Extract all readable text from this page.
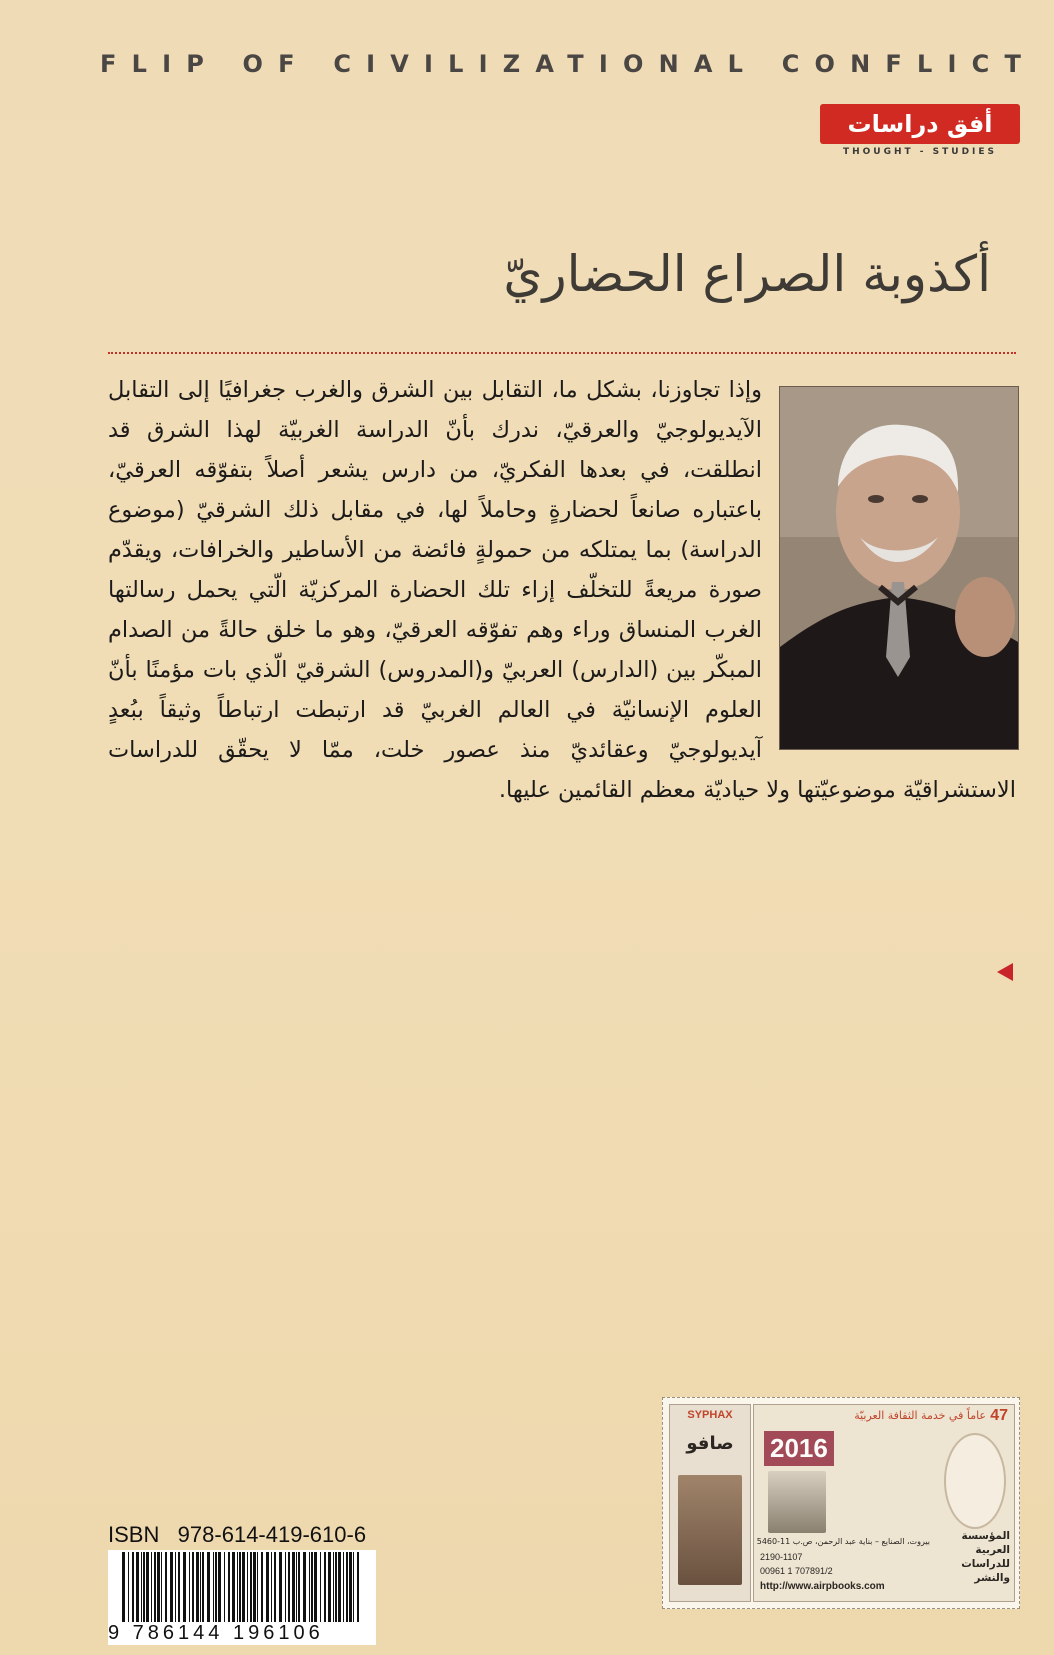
FLIP OF CIVILIZATIONAL CONFLICT
أفق دراسات
THOUGHT - STUDIES
أكذوبة الصراع الحضاريّ
وإذا تجاوزنا، بشكل ما، التقابل بين الشرق والغرب جغرافيًا إلى التقابل الآيديولوجيّ والعرقيّ، ندرك بأنّ الدراسة الغربيّة لهذا الشرق قد انطلقت، في بعدها الفكريّ، من دارس يشعر أصلاً بتفوّقه العرقيّ، باعتباره صانعاً لحضارةٍ وحاملاً لها، في مقابل ذلك الشرقيّ (موضوع الدراسة) بما يمتلكه من حمولةٍ فائضة من الأساطير والخرافات، ويقدّم صورة مريعةً للتخلّف إزاء تلك الحضارة المركزيّة الّتي يحمل رسالتها الغرب المنساق وراء وهم تفوّقه العرقيّ، وهو ما خلق حالةً من الصدام المبكّر بين (الدارس) العربيّ و(المدروس) الشرقيّ الّذي بات مؤمنًا بأنّ العلوم الإنسانيّة في العالم الغربيّ قد ارتبطت ارتباطاً وثيقاً ببُعدٍ آيديولوجيّ وعقائديّ منذ عصور خلت، ممّا لا يحقّق للدراسات الاستشراقيّة موضوعيّتها ولا حياديّة معظم القائمين عليها.
ISBN   978-614-419-610-6
9 786144 196106
SYPHAX
صافو
47
عاماً في خدمة الثقافة العربيّة
2016
المؤسسة العربية للدراسات والنشر
بيروت، الصنايع – بناية عبد الرحمن، ص.ب 11-5460
2190-1107
00961 1 707891/2
http://www.airpbooks.com
